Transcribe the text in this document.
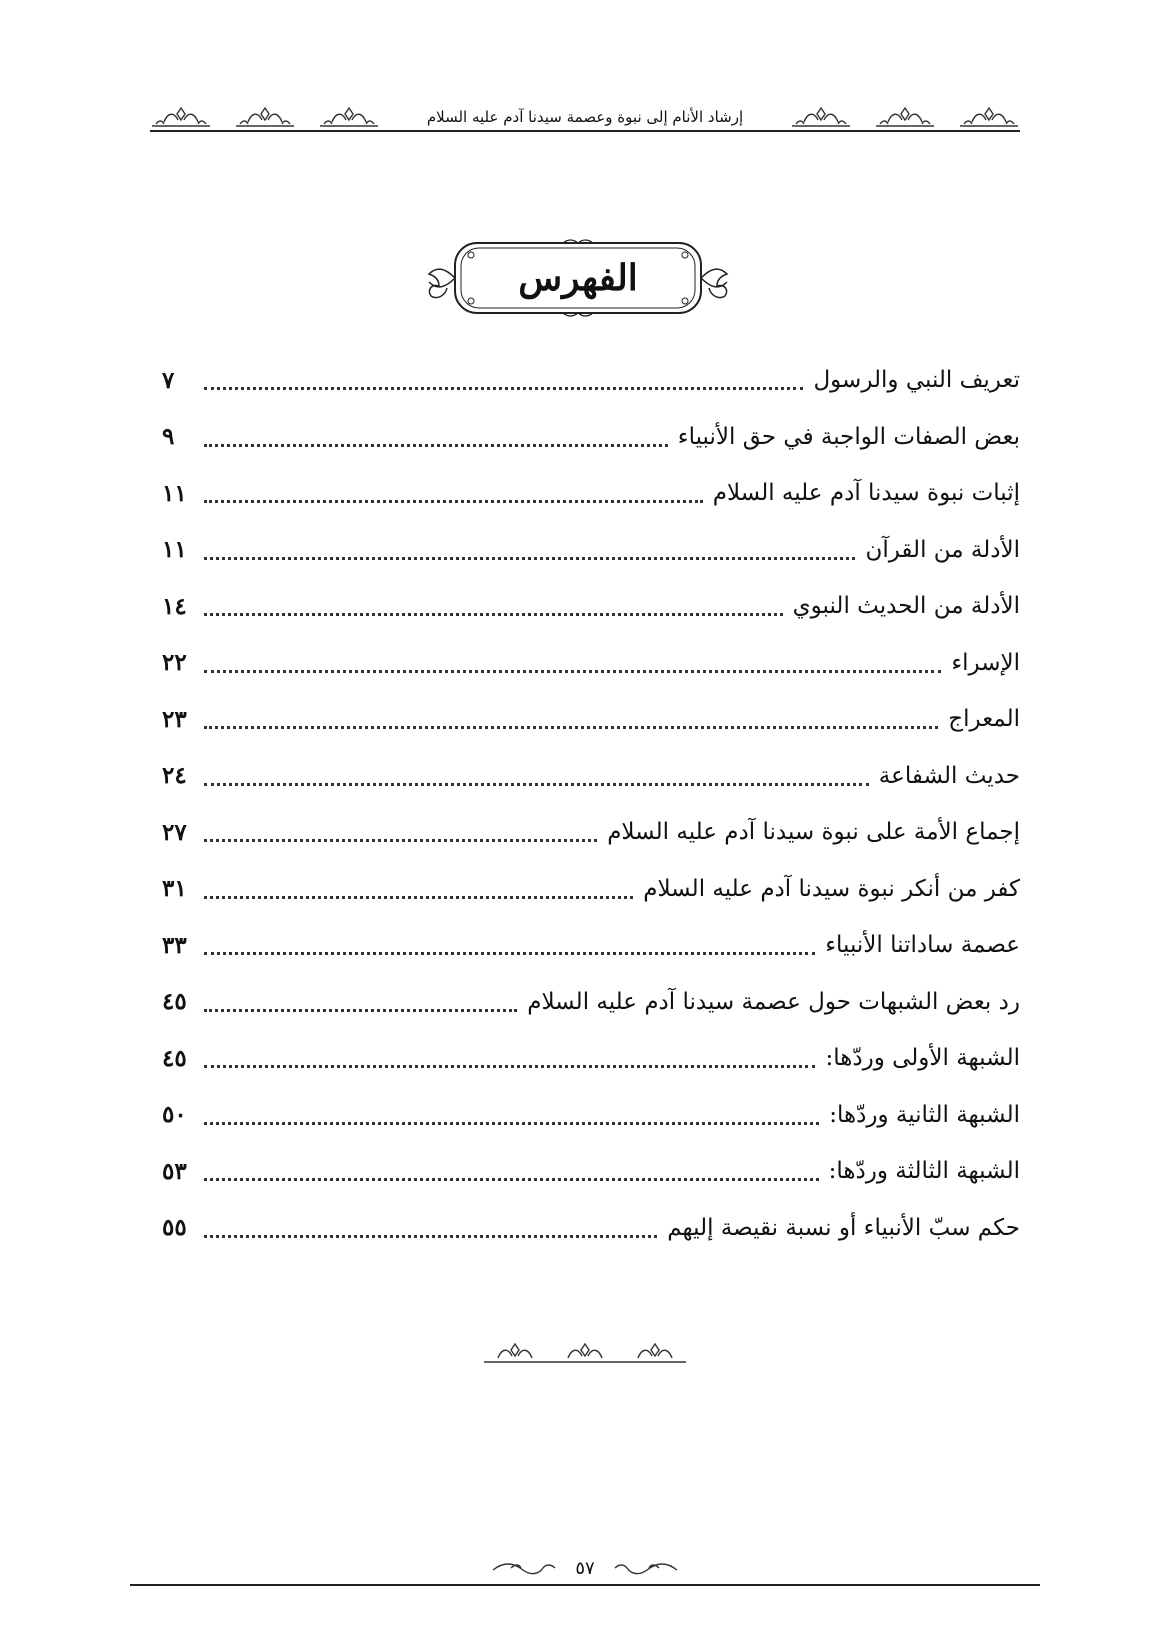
إرشاد الأنام إلى نبوة وعصمة سيدنا آدم عليه السلام
الفهرس
تعريف النبي والرسول
٧
بعض الصفات الواجبة في حق الأنبياء
٩
إثبات نبوة سيدنا آدم عليه السلام
١١
الأدلة من القرآن
١١
الأدلة من الحديث النبوي
١٤
الإسراء
٢٢
المعراج
٢٣
حديث الشفاعة
٢٤
إجماع الأمة على نبوة سيدنا آدم عليه السلام
٢٧
كفر من أنكر نبوة سيدنا آدم عليه السلام
٣١
عصمة ساداتنا الأنبياء
٣٣
رد بعض الشبهات حول عصمة سيدنا آدم عليه السلام
٤٥
الشبهة الأولى وردّها:
٤٥
الشبهة الثانية وردّها:
٥٠
الشبهة الثالثة وردّها:
٥٣
حكم سبّ الأنبياء أو نسبة نقيصة إليهم
٥٥
٥٧
